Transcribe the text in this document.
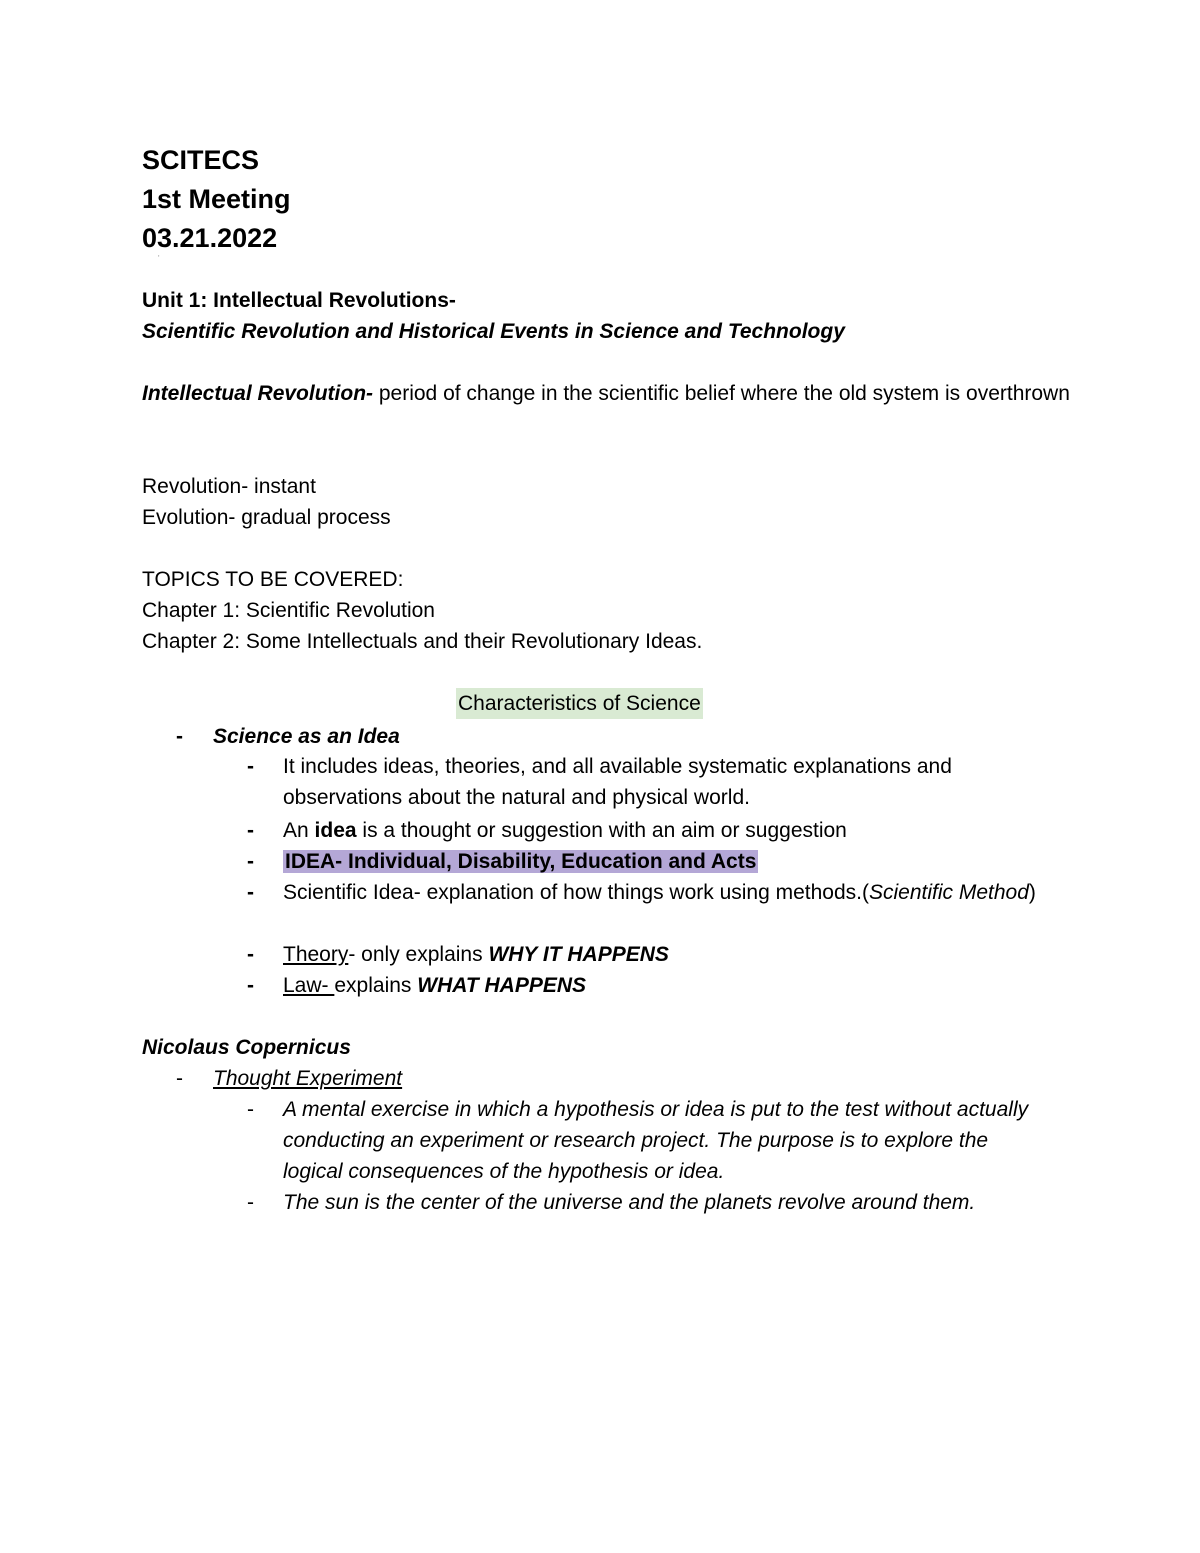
SCITECS
1st Meeting
03.21.2022
'
Unit 1: Intellectual Revolutions-
Scientific Revolution and Historical Events in Science and Technology
Intellectual Revolution- period of change in the scientific belief where the old system is overthrown
Revolution- instant
Evolution- gradual process
TOPICS TO BE COVERED:
Chapter 1: Scientific Revolution
Chapter 2: Some Intellectuals and their Revolutionary Ideas.
Characteristics of Science
- Science as an Idea
- It includes ideas, theories, and all available systematic explanations and observations about the natural and physical world.
- An idea is a thought or suggestion with an aim or suggestion
- IDEA- Individual, Disability, Education and Acts
- Scientific Idea- explanation of how things work using methods.(Scientific Method)
- Theory- only explains WHY IT HAPPENS
- Law- explains WHAT HAPPENS
Nicolaus Copernicus
- Thought Experiment
- A mental exercise in which a hypothesis or idea is put to the test without actually conducting an experiment or research project. The purpose is to explore the logical consequences of the hypothesis or idea.
- The sun is the center of the universe and the planets revolve around them.
